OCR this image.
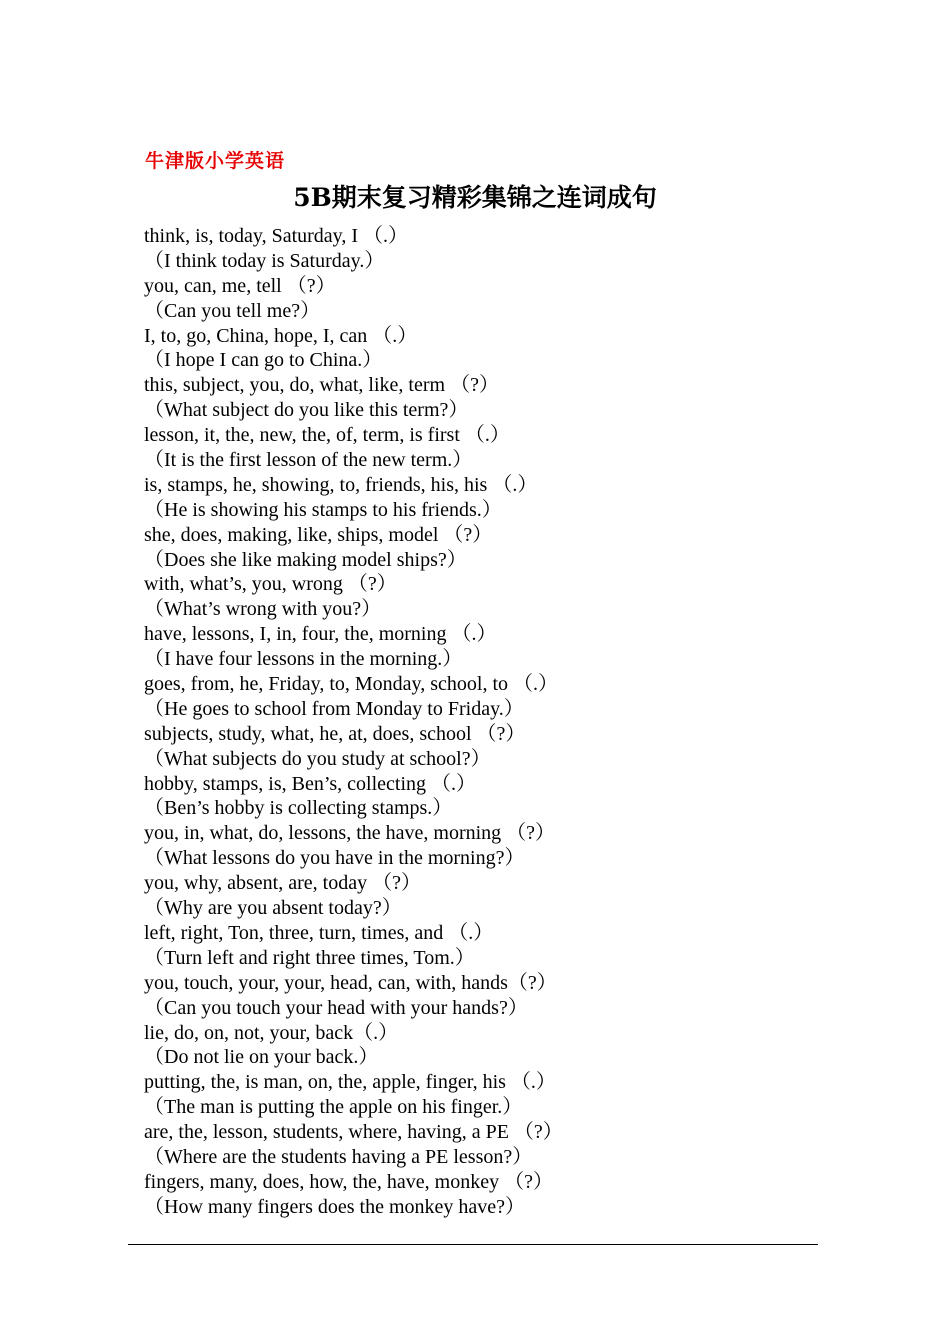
牛津版小学英语
5B期末复习精彩集锦之连词成句
think, is, today, Saturday, I （.）
（I think today is Saturday.）
you, can, me, tell （?）
（Can you tell me?）
I, to, go, China, hope, I, can （.）
（I hope I can go to China.）
this, subject, you, do, what, like, term （?）
（What subject do you like this term?）
lesson, it, the, new, the, of, term, is first （.）
（It is the first lesson of the new term.）
is, stamps, he, showing, to, friends, his, his （.）
（He is showing his stamps to his friends.）
she, does, making, like, ships, model （?）
（Does she like making model ships?）
with, what’s, you, wrong （?）
（What’s wrong with you?）
have, lessons, I, in, four, the, morning （.）
（I have four lessons in the morning.）
goes, from, he, Friday, to, Monday, school, to （.）
（He goes to school from Monday to Friday.）
subjects, study, what, he, at, does, school （?）
（What subjects do you study at school?）
hobby, stamps, is, Ben’s, collecting （.）
（Ben’s hobby is collecting stamps.）
you, in, what, do, lessons, the have, morning （?）
（What lessons do you have in the morning?）
you, why, absent, are, today （?）
（Why are you absent today?）
left, right, Ton, three, turn, times, and （.）
（Turn left and right three times, Tom.）
you, touch, your, your, head, can, with, hands（?）
（Can you touch your head with your hands?）
lie, do, on, not, your, back（.）
（Do not lie on your back.）
putting, the, is man, on, the, apple, finger, his （.）
（The man is putting the apple on his finger.）
are, the, lesson, students, where, having, a PE （?）
（Where are the students having a PE lesson?）
fingers, many, does, how, the, have, monkey （?）
（How many fingers does the monkey have?）
